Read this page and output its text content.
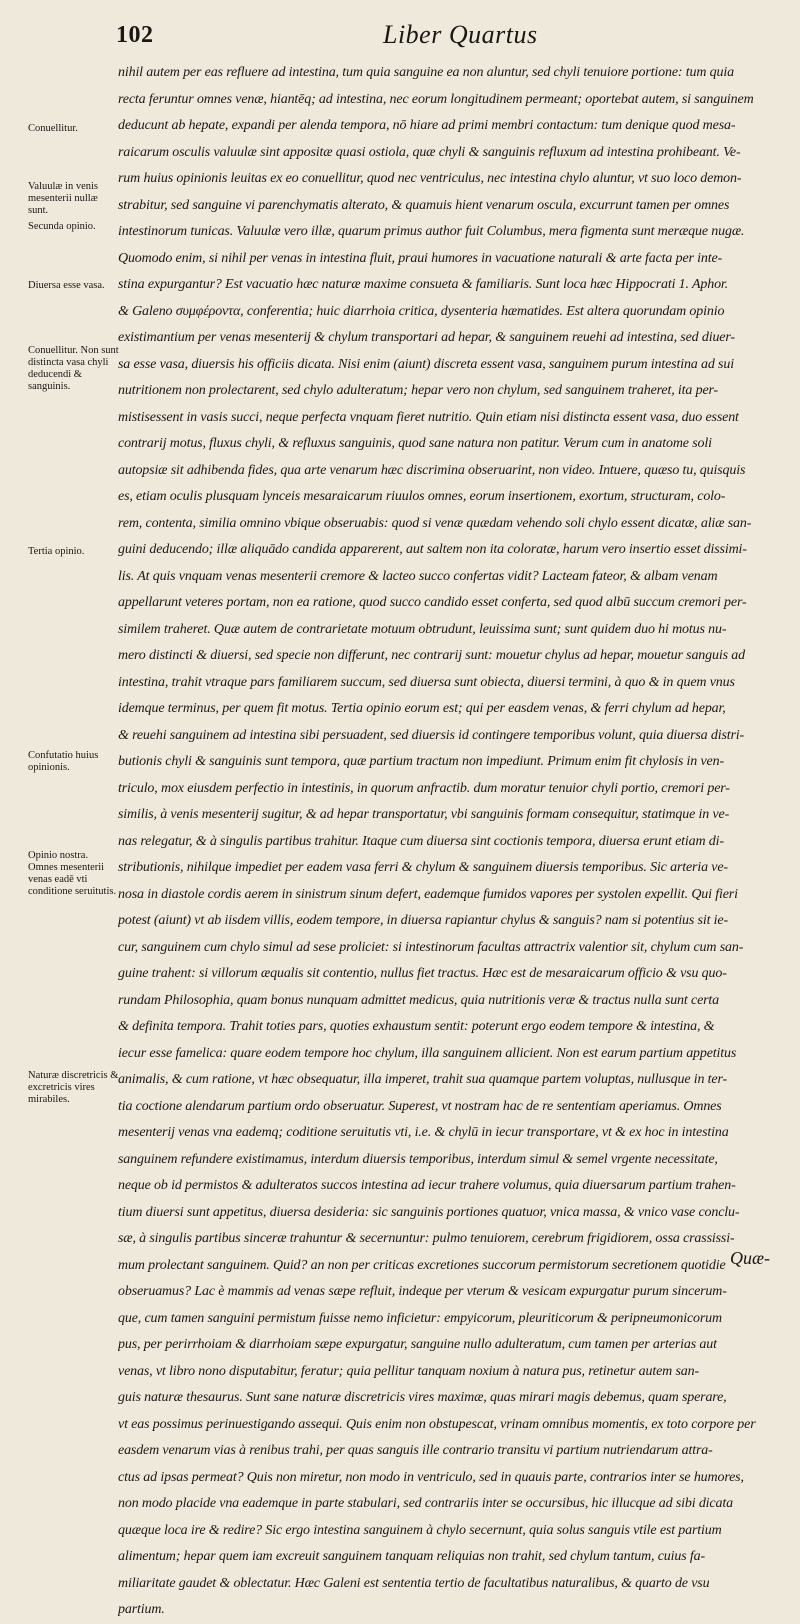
102	Liber Quartus
Conuellitur.
Valuulæ in venis mesenterii nullæ sunt.
Secunda opinio.
Diuersa esse vasa.
Conuellitur. Non sunt distincta vasa chyli deducendi & sanguinis.
Tertia opinio.
Confutatio huius opinionis.
Opinio nostra. Omnes mesenterii venas eadē vti conditione seruitutis.
Naturæ discretricis & excretricis vires mirabiles.
nihil autem per eas refluere ad intestina, tum quia sanguine ea non aluntur, sed chyli tenuiore portione: tum quia
recta feruntur omnes venæ, hiantēq; ad intestina, nec eorum longitudinem permeant; oportebat autem, si sanguinem
deducunt ab hepate, expandi per alenda tempora, nō hiare ad primi membri contactum: tum denique quod mesa-
raicarum osculis valuulæ sint appositæ quasi ostiola, quæ chyli & sanguinis refluxum ad intestina prohibeant. Ve-
rum huius opinionis leuitas ex eo conuellitur, quod nec ventriculus, nec intestina chylo aluntur, vt suo loco demon-
strabitur, sed sanguine vi parenchymatis alterato, & quamuis hient venarum oscula, excurrunt tamen per omnes
intestinorum tunicas. Valuulæ vero illæ, quarum primus author fuit Columbus, mera figmenta sunt meræque nugæ.
Quomodo enim, si nihil per venas in intestina fluit, praui humores in vacuatione naturali & arte facta per inte-
stina expurgantur? Est vacuatio hæc naturæ maxime consueta & familiaris. Sunt loca hæc Hippocrati 1. Aphor.
& Galeno συμφέροντα, conferentia; huic diarrhoia critica, dysenteria hæmatides. Est altera quorundam opinio
existimantium per venas mesenterij & chylum transportari ad hepar, & sanguinem reuehi ad intestina, sed diuer-
sa esse vasa, diuersis his officiis dicata. Nisi enim (aiunt) discreta essent vasa, sanguinem purum intestina ad sui
nutritionem non prolectarent, sed chylo adulteratum; hepar vero non chylum, sed sanguinem traheret, ita per-
mistisessent in vasis succi, neque perfecta vnquam fieret nutritio. Quin etiam nisi distincta essent vasa, duo essent
contrarij motus, fluxus chyli, & refluxus sanguinis, quod sane natura non patitur. Verum cum in anatome soli
autopsiæ sit adhibenda fides, qua arte venarum hæc discrimina obseruarint, non video. Intuere, quæso tu, quisquis
es, etiam oculis plusquam lynceis mesaraicarum riuulos omnes, eorum insertionem, exortum, structuram, colo-
rem, contenta, similia omnino vbique obseruabis: quod si venæ quædam vehendo soli chylo essent dicatæ, aliæ san-
guini deducendo; illæ aliquādo candida apparerent, aut saltem non ita coloratæ, harum vero insertio esset dissimi-
lis. At quis vnquam venas mesenterii cremore & lacteo succo confertas vidit? Lacteam fateor, & albam venam
appellarunt veteres portam, non ea ratione, quod succo candido esset conferta, sed quod albū succum cremori per-
similem traheret. Quæ autem de contrarietate motuum obtrudunt, leuissima sunt; sunt quidem duo hi motus nu-
mero distincti & diuersi, sed specie non differunt, nec contrarij sunt: mouetur chylus ad hepar, mouetur sanguis ad
intestina, trahit vtraque pars familiarem succum, sed diuersa sunt obiecta, diuersi termini, à quo & in quem vnus
idemque terminus, per quem fit motus. Tertia opinio eorum est; qui per easdem venas, & ferri chylum ad hepar,
& reuehi sanguinem ad intestina sibi persuadent, sed diuersis id contingere temporibus volunt, quia diuersa distri-
butionis chyli & sanguinis sunt tempora, quæ partium tractum non impediunt. Primum enim fit chylosis in ven-
triculo, mox eiusdem perfectio in intestinis, in quorum anfractib. dum moratur tenuior chyli portio, cremori per-
similis, à venis mesenterij sugitur, & ad hepar transportatur, vbi sanguinis formam consequitur, statimque in ve-
nas relegatur, & à singulis partibus trahitur. Itaque cum diuersa sint coctionis tempora, diuersa erunt etiam di-
stributionis, nihilque impediet per eadem vasa ferri & chylum & sanguinem diuersis temporibus. Sic arteria ve-
nosa in diastole cordis aerem in sinistrum sinum defert, eademque fumidos vapores per systolen expellit. Qui fieri
potest (aiunt) vt ab iisdem villis, eodem tempore, in diuersa rapiantur chylus & sanguis? nam si potentius sit ie-
cur, sanguinem cum chylo simul ad sese proliciet: si intestinorum facultas attractrix valentior sit, chylum cum san-
guine trahent: si villorum æqualis sit contentio, nullus fiet tractus. Hæc est de mesaraicarum officio & vsu quo-
rundam Philosophia, quam bonus nunquam admittet medicus, quia nutritionis veræ & tractus nulla sunt certa
& definita tempora. Trahit toties pars, quoties exhaustum sentit: poterunt ergo eodem tempore & intestina, &
iecur esse famelica: quare eodem tempore hoc chylum, illa sanguinem allicient. Non est earum partium appetitus
animalis, & cum ratione, vt hæc obsequatur, illa imperet, trahit sua quamque partem voluptas, nullusque in ter-
tia coctione alendarum partium ordo obseruatur. Superest, vt nostram hac de re sententiam aperiamus. Omnes
mesenterij venas vna eademq; coditione seruitutis vti, i.e. & chylū in iecur transportare, vt & ex hoc in intestina
sanguinem refundere existimamus, interdum diuersis temporibus, interdum simul & semel vrgente necessitate,
neque ob id permistos & adulteratos succos intestina ad iecur trahere volumus, quia diuersarum partium trahen-
tium diuersi sunt appetitus, diuersa desideria: sic sanguinis portiones quatuor, vnica massa, & vnico vase conclu-
sæ, à singulis partibus sinceræ trahuntur & secernuntur: pulmo tenuiorem, cerebrum frigidiorem, ossa crassissi-
mum prolectant sanguinem. Quid? an non per criticas excretiones succorum permistorum secretionem quotidie
obseruamus? Lac è mammis ad venas sæpe refluit, indeque per vterum & vesicam expurgatur purum sincerum-
que, cum tamen sanguini permistum fuisse nemo inficietur: empyicorum, pleuriticorum & peripneumonicorum
pus, per perirrhoiam & diarrhoiam sæpe expurgatur, sanguine nullo adulteratum, cum tamen per arterias aut
venas, vt libro nono disputabitur, feratur; quia pellitur tanquam noxium à natura pus, retinetur autem san-
guis naturæ thesaurus. Sunt sane naturæ discretricis vires maximæ, quas mirari magis debemus, quam sperare,
vt eas possimus perinuestigando assequi. Quis enim non obstupescat, vrinam omnibus momentis, ex toto corpore per
easdem venarum vias à renibus trahi, per quas sanguis ille contrario transitu vi partium nutriendarum attra-
ctus ad ipsas permeat? Quis non miretur, non modo in ventriculo, sed in quauis parte, contrarios inter se humores,
non modo placide vna eademque in parte stabulari, sed contrariis inter se occursibus, hic illucque ad sibi dicata
quæque loca ire & redire? Sic ergo intestina sanguinem à chylo secernunt, quia solus sanguis vtile est partium
alimentum; hepar quem iam excreuit sanguinem tanquam reliquias non trahit, sed chylum tantum, cuius fa-
miliaritate gaudet & oblectatur. Hæc Galeni est sententia tertio de facultatibus naturalibus, & quarto de vsu
partium.
Quæ-
